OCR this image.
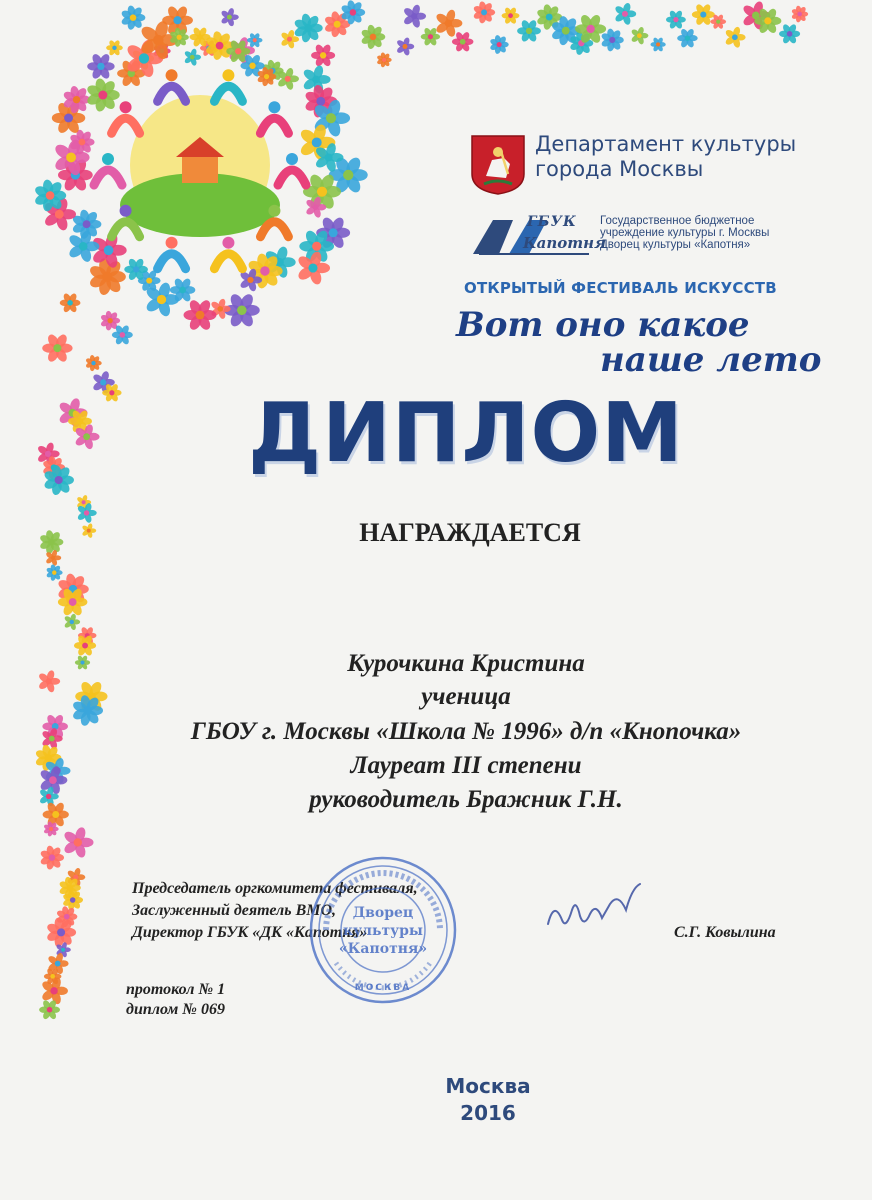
Департамент культуры
города Москвы
ГБУК
Капотня
Государственное бюджетное
учреждение культуры г. Москвы
Дворец культуры «Капотня»
ОТКРЫТЫЙ ФЕСТИВАЛЬ ИСКУССТВ
Вот оно какое
наше лето
ДИПЛОМ
НАГРАЖДАЕТСЯ
Курочкина Кристина
ученица
ГБОУ г. Москвы «Школа № 1996» д/п «Кнопочка»
Лауреат III степени
руководитель Бражник Г.Н.
Председатель оргкомитета фестиваля,
Заслуженный деятель ВМО,
Директор ГБУК «ДК «Капотня»	С.Г. Ковылина
Дворец
культуры
«Капотня»
МОСКВА
протокол № 1
диплом № 069
Москва
2016
